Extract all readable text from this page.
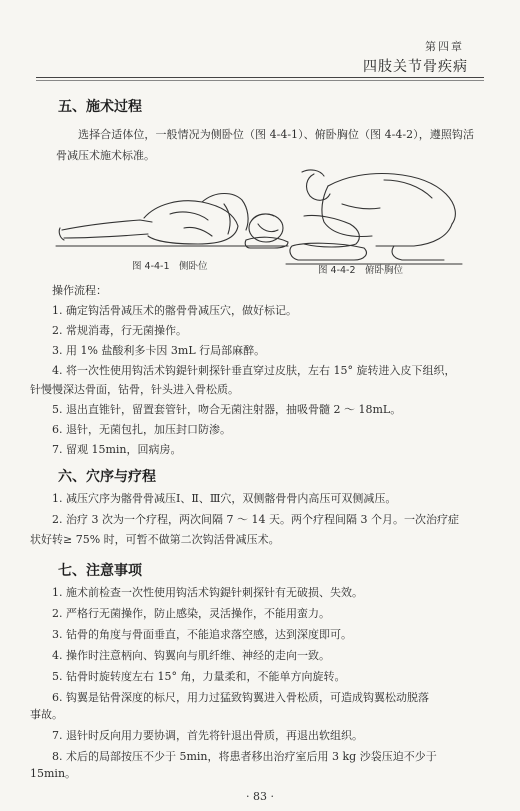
第四章
四肢关节骨疾病
五、施术过程

选择合适体位，一般情况为侧卧位（图 4-4-1）、俯卧胸位（图 4-4-2），遵照钩活骨减压术施术标准。

图 4-4-1　侧卧位	图 4-4-2　俯卧胸位
操作流程：
1. 确定钩活骨减压术的髂骨骨减压穴，做好标记。
2. 常规消毒，行无菌操作。
3. 用 1% 盐酸利多卡因 3mL 行局部麻醉。
4. 将一次性使用钩活术钩鍉针刺探针垂直穿过皮肤，左右 15° 旋转进入皮下组织，
针慢慢深达骨面，钻骨，针头进入骨松质。
5. 退出直锥针，留置套管针，吻合无菌注射器，抽吸骨髓 2 ～ 18mL。
6. 退针，无菌包扎，加压封口防渗。
7. 留观 15min，回病房。
六、穴序与疗程
1. 减压穴序为髂骨骨减压Ⅰ、Ⅱ、Ⅲ穴，双侧髂骨骨内高压可双侧减压。
2. 治疗 3 次为一个疗程，两次间隔 7 ～ 14 天。两个疗程间隔 3 个月。一次治疗症
状好转≥ 75% 时，可暂不做第二次钩活骨减压术。
七、注意事项
1. 施术前检查一次性使用钩活术钩鍉针刺探针有无破损、失效。
2. 严格行无菌操作，防止感染，灵活操作，不能用蛮力。
3. 钻骨的角度与骨面垂直，不能追求落空感，达到深度即可。
4. 操作时注意柄向、钩翼向与肌纤维、神经的走向一致。
5. 钻骨时旋转度左右 15° 角，力量柔和，不能单方向旋转。
6. 钩翼是钻骨深度的标尺，用力过猛致钩翼进入骨松质，可造成钩翼松动脱落
事故。
7. 退针时反向用力要协调，首先将针退出骨质，再退出软组织。
8. 术后的局部按压不少于 5min，将患者移出治疗室后用 3 kg 沙袋压迫不少于
15min。
· 83 ·
